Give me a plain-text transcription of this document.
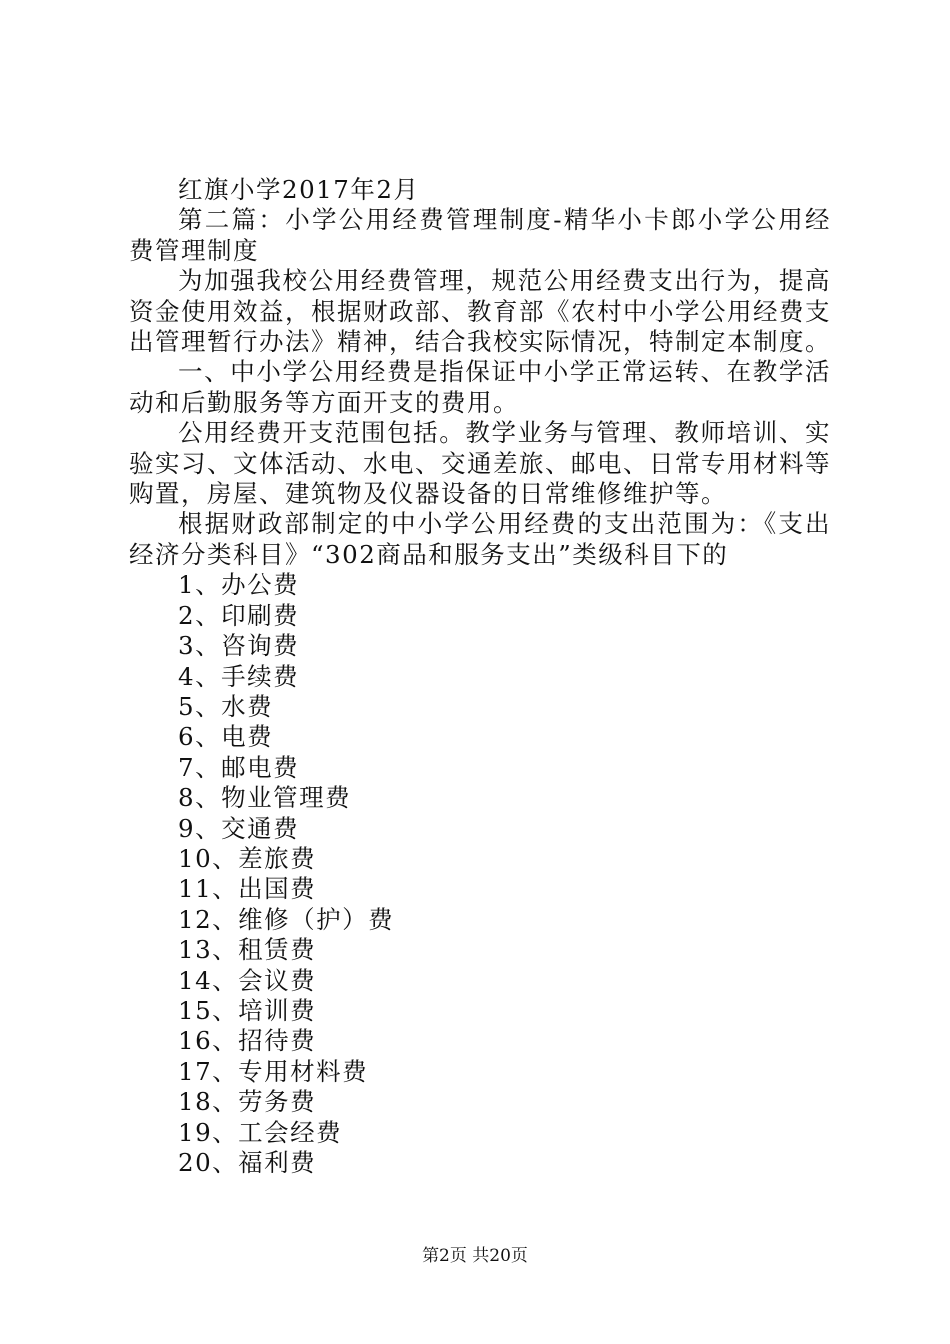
红旗小学2017年2月

第二篇：小学公用经费管理制度-精华小卡郎小学公用经费管理制度

为加强我校公用经费管理，规范公用经费支出行为，提高资金使用效益，根据财政部、教育部《农村中小学公用经费支出管理暂行办法》精神，结合我校实际情况，特制定本制度。

一、中小学公用经费是指保证中小学正常运转、在教学活动和后勤服务等方面开支的费用。

公用经费开支范围包括。教学业务与管理、教师培训、实验实习、文体活动、水电、交通差旅、邮电、日常专用材料等购置，房屋、建筑物及仪器设备的日常维修维护等。

根据财政部制定的中小学公用经费的支出范围为：《支出经济分类科目》“302商品和服务支出”类级科目下的

1、办公费

2、印刷费

3、咨询费

4、手续费

5、水费

6、电费

7、邮电费

8、物业管理费

9、交通费

10、差旅费

11、出国费

12、维修（护）费

13、租赁费

14、会议费

15、培训费

16、招待费

17、专用材料费

18、劳务费

19、工会经费

20、福利费

第2页 共20页
